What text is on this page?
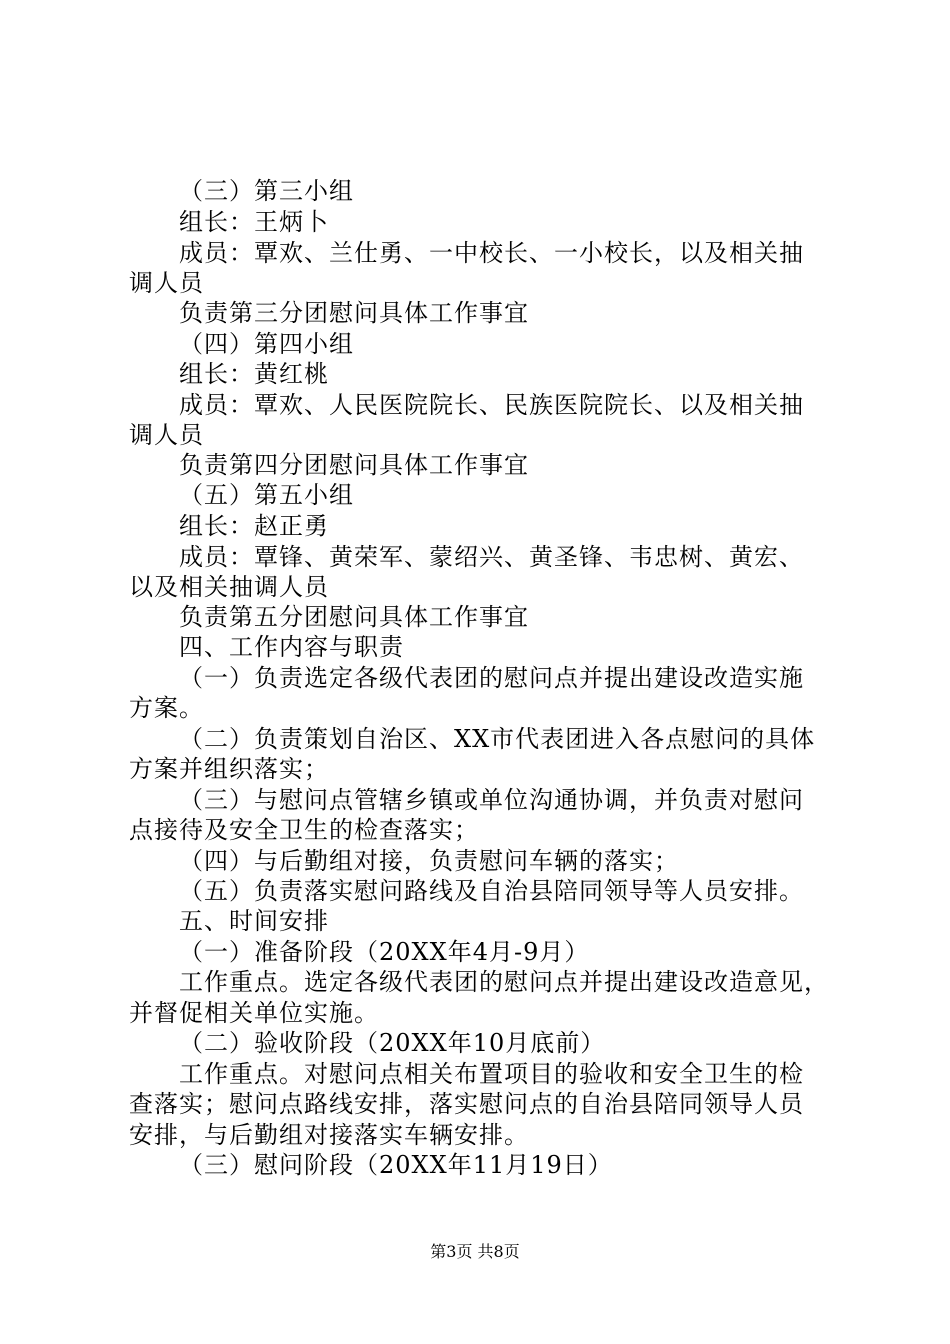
（三）第三小组
组长：王炳卜
成员：覃欢、兰仕勇、一中校长、一小校长，以及相关抽
调人员
负责第三分团慰问具体工作事宜
（四）第四小组
组长：黄红桃
成员：覃欢、人民医院院长、民族医院院长、以及相关抽
调人员
负责第四分团慰问具体工作事宜
（五）第五小组
组长：赵正勇
成员：覃锋、黄荣军、蒙绍兴、黄圣锋、韦忠树、黄宏、
以及相关抽调人员
负责第五分团慰问具体工作事宜
四、工作内容与职责
（一）负责选定各级代表团的慰问点并提出建设改造实施
方案。
（二）负责策划自治区、XX市代表团进入各点慰问的具体
方案并组织落实；
（三）与慰问点管辖乡镇或单位沟通协调，并负责对慰问
点接待及安全卫生的检查落实；
（四）与后勤组对接，负责慰问车辆的落实；
（五）负责落实慰问路线及自治县陪同领导等人员安排。
五、时间安排
（一）准备阶段（20XX年4月-9月）
工作重点。选定各级代表团的慰问点并提出建设改造意见，
并督促相关单位实施。
（二）验收阶段（20XX年10月底前）
工作重点。对慰问点相关布置项目的验收和安全卫生的检
查落实；慰问点路线安排，落实慰问点的自治县陪同领导人员
安排，与后勤组对接落实车辆安排。
（三）慰问阶段（20XX年11月19日）
第3页 共8页
